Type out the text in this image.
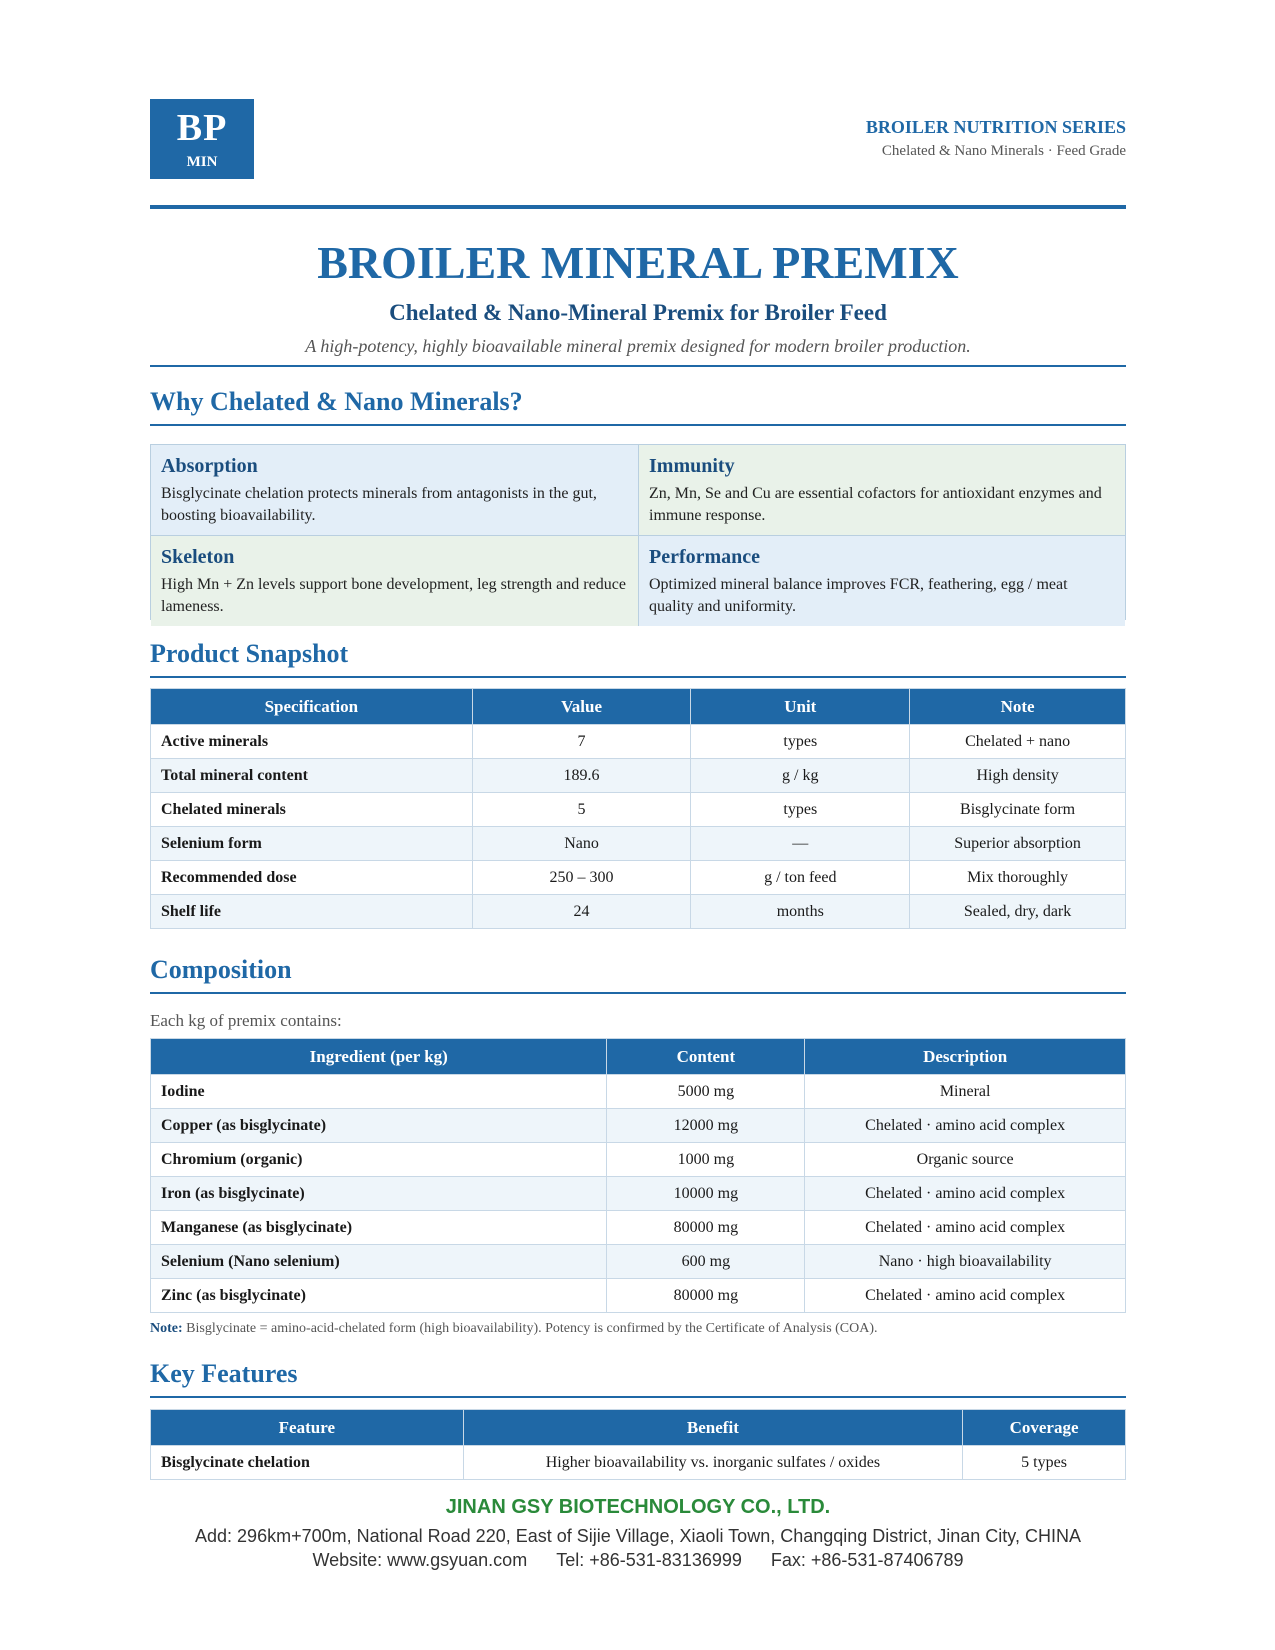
BP
MIN
BROILER NUTRITION SERIES
Chelated & Nano Minerals · Feed Grade
BROILER MINERAL PREMIX
Chelated & Nano-Mineral Premix for Broiler Feed
A high-potency, highly bioavailable mineral premix designed for modern broiler production.
Why Chelated & Nano Minerals?
Absorption

Bisglycinate chelation protects minerals from antagonists in the gut, boosting bioavailability.

Immunity

Zn, Mn, Se and Cu are essential cofactors for antioxidant enzymes and immune response.

Skeleton

High Mn + Zn levels support bone development, leg strength and reduce lameness.

Performance

Optimized mineral balance improves FCR, feathering, egg / meat quality and uniformity.

Product Snapshot
Specification	Value	Unit	Note
Active minerals	7	types	Chelated + nano
Total mineral content	189.6	g / kg	High density
Chelated minerals	5	types	Bisglycinate form
Selenium form	Nano	—	Superior absorption
Recommended dose	250 – 300	g / ton feed	Mix thoroughly
Shelf life	24	months	Sealed, dry, dark
Composition
Each kg of premix contains:
Ingredient (per kg)	Content	Description
Iodine	5000 mg	Mineral
Copper (as bisglycinate)	12000 mg	Chelated · amino acid complex
Chromium (organic)	1000 mg	Organic source
Iron (as bisglycinate)	10000 mg	Chelated · amino acid complex
Manganese (as bisglycinate)	80000 mg	Chelated · amino acid complex
Selenium (Nano selenium)	600 mg	Nano · high bioavailability
Zinc (as bisglycinate)	80000 mg	Chelated · amino acid complex
Note: Bisglycinate = amino-acid-chelated form (high bioavailability). Potency is confirmed by the Certificate of Analysis (COA).
Key Features
Feature	Benefit	Coverage
Bisglycinate chelation	Higher bioavailability vs. inorganic sulfates / oxides	5 types
JINAN GSY BIOTECHNOLOGY CO., LTD.
Add: 296km+700m, National Road 220, East of Sijie Village, Xiaoli Town, Changqing District, Jinan City, CHINA
Website: www.gsyuan.com Tel: +86-531-83136999 Fax: +86-531-87406789
